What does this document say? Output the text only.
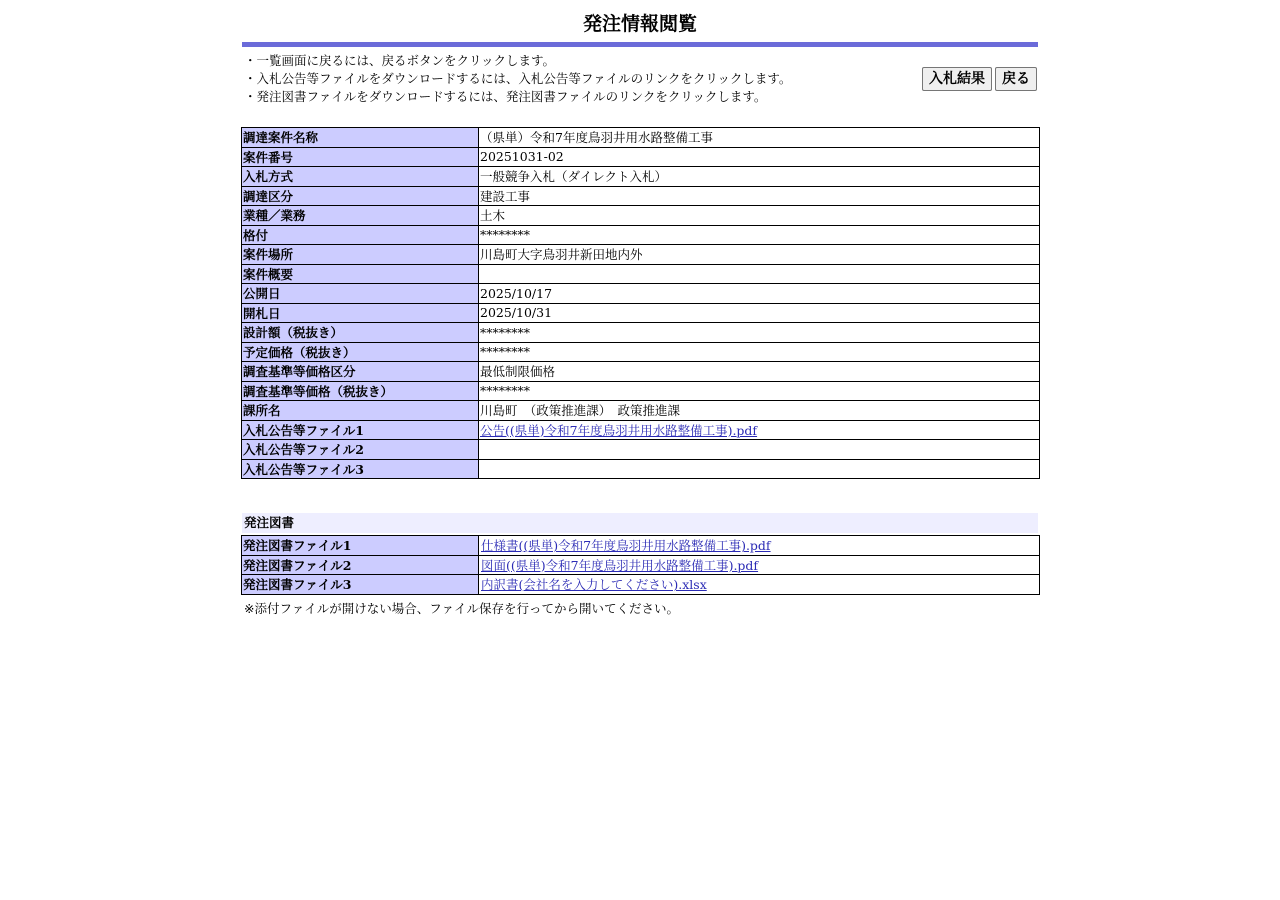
発注情報閲覧
・一覧画面に戻るには、戻るボタンをクリックします。
・入札公告等ファイルをダウンロードするには、入札公告等ファイルのリンクをクリックします。
・発注図書ファイルをダウンロードするには、発注図書ファイルのリンクをクリックします。
入札結果	戻る
調達案件名称	（県単）令和7年度鳥羽井用水路整備工事
案件番号	20251031-02
入札方式	一般競争入札（ダイレクト入札）
調達区分	建設工事
業種／業務	土木
格付	********
案件場所	川島町大字鳥羽井新田地内外
案件概要	
公開日	2025/10/17
開札日	2025/10/31
設計額（税抜き）	********
予定価格（税抜き）	********
調査基準等価格区分	最低制限価格
調査基準等価格（税抜き）	********
課所名	川島町　（政策推進課）　政策推進課
入札公告等ファイル1	公告((県単)令和7年度鳥羽井用水路整備工事).pdf
入札公告等ファイル2	
入札公告等ファイル3	
発注図書
発注図書ファイル1	仕様書((県単)令和7年度鳥羽井用水路整備工事).pdf
発注図書ファイル2	図面((県単)令和7年度鳥羽井用水路整備工事).pdf
発注図書ファイル3	内訳書(会社名を入力してください).xlsx
※添付ファイルが開けない場合、ファイル保存を行ってから開いてください。
